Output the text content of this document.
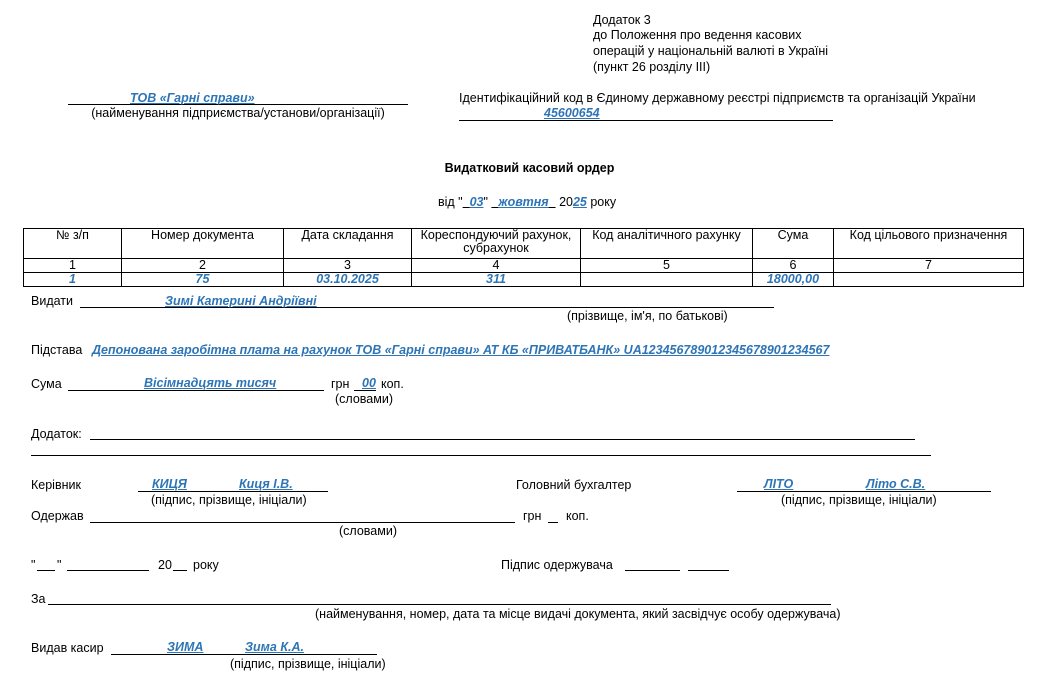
Додаток 3
до Положення про ведення касових
операцій у національній валюті в Україні
(пункт 26 розділу ІІІ)
ТОВ «Гарні справи»
(найменування підприємства/установи/організації)
Ідентифікаційний код в Єдиному державному реєстрі підприємств та організацій України
45600654
Видатковий касовий ордер
від " 03" жовтня 2025 року
№ з/п	Номер документа	Дата складання	Кореспондуючий рахунок, субрахунок	Код аналітичного рахунку	Сума	Код цільового призначення
1	2	3	4	5	6	7
1	75	03.10.2025	311		18000,00	
Видати	Зимі Катерині Андріївні
(прізвище, ім'я, по батькові)
Підстава Депонована заробітна плата на рахунок ТОВ «Гарні справи» АТ КБ «ПРИВАТБАНК» UA123456789012345678901234567
Сума	Вісімнадцять тисяч	грн 00 коп.
(словами)
Додаток:
Керівник	КИЦЯ	Киця І.В.
(підпис, прізвище, ініціали)
Головний бухгалтер	ЛІТО	Літо С.В.
(підпис, прізвище, ініціали)
Одержав	грн коп.
(словами)
" "	20 року	Підпис одержувача
За
(найменування, номер, дата та місце видачі документа, який засвідчує особу одержувача)
Видав касир	ЗИМА	Зима К.А.
(підпис, прізвище, ініціали)
